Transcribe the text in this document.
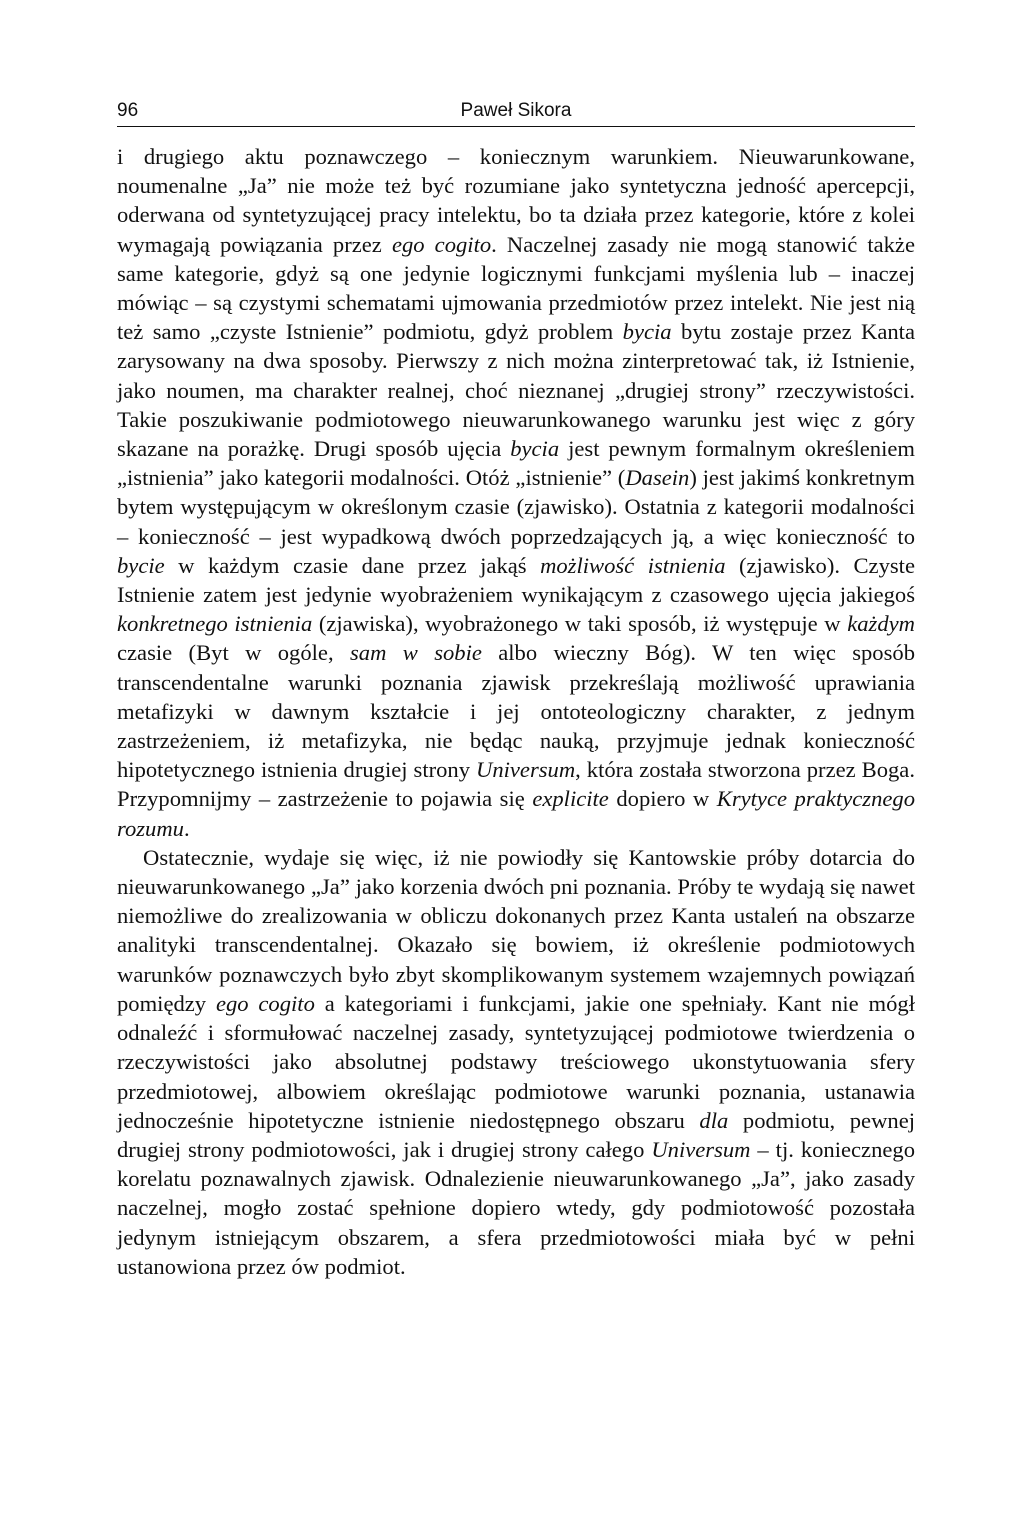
96	Paweł Sikora

i drugiego aktu poznawczego – koniecznym warunkiem. Nieuwarunkowane, noumenalne „Ja” nie może też być rozumiane jako syntetyczna jedność apercepcji, oderwana od syntetyzującej pracy intelektu, bo ta działa przez kategorie, które z kolei wymagają powiązania przez ego cogito. Naczelnej zasady nie mogą stanowić także same kategorie, gdyż są one jedynie logicznymi funkcjami myślenia lub – inaczej mówiąc – są czystymi schematami ujmowania przedmiotów przez intelekt. Nie jest nią też samo „czyste Istnienie” podmiotu, gdyż problem bycia bytu zostaje przez Kanta zarysowany na dwa sposoby. Pierwszy z nich można zinterpretować tak, iż Istnienie, jako noumen, ma charakter realnej, choć nieznanej „drugiej strony” rzeczywistości. Takie poszukiwanie podmiotowego nieuwarunkowanego warunku jest więc z góry skazane na porażkę. Drugi sposób ujęcia bycia jest pewnym formalnym określeniem „istnienia” jako kategorii modalności. Otóż „istnienie” (Dasein) jest jakimś konkretnym bytem występującym w określonym czasie (zjawisko). Ostatnia z kategorii modalności – konieczność – jest wypadkową dwóch poprzedzających ją, a więc konieczność to bycie w każdym czasie dane przez jakąś możliwość istnienia (zjawisko). Czyste Istnienie zatem jest jedynie wyobrażeniem wynikającym z czasowego ujęcia jakiegoś konkretnego istnienia (zjawiska), wyobrażonego w taki sposób, iż występuje w każdym czasie (Byt w ogóle, sam w sobie albo wieczny Bóg). W ten więc sposób transcendentalne warunki poznania zjawisk przekreślają możliwość uprawiania metafizyki w dawnym kształcie i jej ontoteologiczny charakter, z jednym zastrzeżeniem, iż metafizyka, nie będąc nauką, przyjmuje jednak konieczność hipotetycznego istnienia drugiej strony Universum, która została stworzona przez Boga. Przypomnijmy – zastrzeżenie to pojawia się explicite dopiero w Krytyce praktycznego rozumu.

Ostatecznie, wydaje się więc, iż nie powiodły się Kantowskie próby dotarcia do nieuwarunkowanego „Ja” jako korzenia dwóch pni poznania. Próby te wydają się nawet niemożliwe do zrealizowania w obliczu dokonanych przez Kanta ustaleń na obszarze analityki transcendentalnej. Okazało się bowiem, iż określenie podmiotowych warunków poznawczych było zbyt skomplikowanym systemem wzajemnych powiązań pomiędzy ego cogito a kategoriami i funkcjami, jakie one spełniały. Kant nie mógł odnaleźć i sformułować naczelnej zasady, syntetyzującej podmiotowe twierdzenia o rzeczywistości jako absolutnej podstawy treściowego ukonstytuowania sfery przedmiotowej, albowiem określając podmiotowe warunki poznania, ustanawia jednocześnie hipotetyczne istnienie niedostępnego obszaru dla podmiotu, pewnej drugiej strony podmiotowości, jak i drugiej strony całego Universum – tj. koniecznego korelatu poznawalnych zjawisk. Odnalezienie nieuwarunkowanego „Ja”, jako zasady naczelnej, mogło zostać spełnione dopiero wtedy, gdy podmiotowość pozostała jedynym istniejącym obszarem, a sfera przedmiotowości miała być w pełni ustanowiona przez ów podmiot.
